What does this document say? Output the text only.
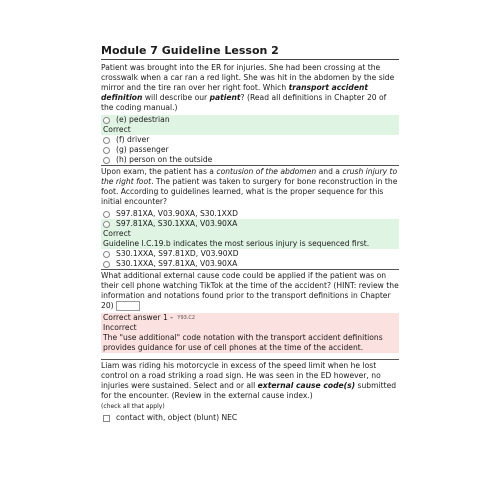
Module 7 Guideline Lesson 2
Patient was brought into the ER for injuries. She had been crossing at the crosswalk when a car ran a red light. She was hit in the abdomen by the side mirror and the tire ran over her right foot. Which transport accident definition will describe our patient? (Read all definitions in Chapter 20 of the coding manual.)
(e) pedestrian
Correct
(f) driver
(g) passenger
(h) person on the outside
Upon exam, the patient has a contusion of the abdomen and a crush injury to the right foot. The patient was taken to surgery for bone reconstruction in the foot. According to guidelines learned, what is the proper sequence for this initial encounter?
S97.81XA, V03.90XA, S30.1XXD
S97.81XA, S30.1XXA, V03.90XA
Correct
Guideline I.C.19.b indicates the most serious injury is sequenced first.
S30.1XXA, S97.81XD, V03.90XD
S30.1XXA, S97.81XA, V03.90XA
What additional external cause code could be applied if the patient was on their cell phone watching TikTok at the time of the accident? (HINT: review the information and notations found prior to the transport definitions in Chapter 20)
Correct answer 1 - Y93.C2
Incorrect
The "use additional" code notation with the transport accident definitions provides guidance for use of cell phones at the time of the accident.
Liam was riding his motorcycle in excess of the speed limit when he lost control on a road striking a road sign. He was seen in the ED however, no injuries were sustained. Select and or all external cause code(s) submitted for the encounter. (Review in the external cause index.)
(check all that apply)
contact with, object (blunt) NEC
